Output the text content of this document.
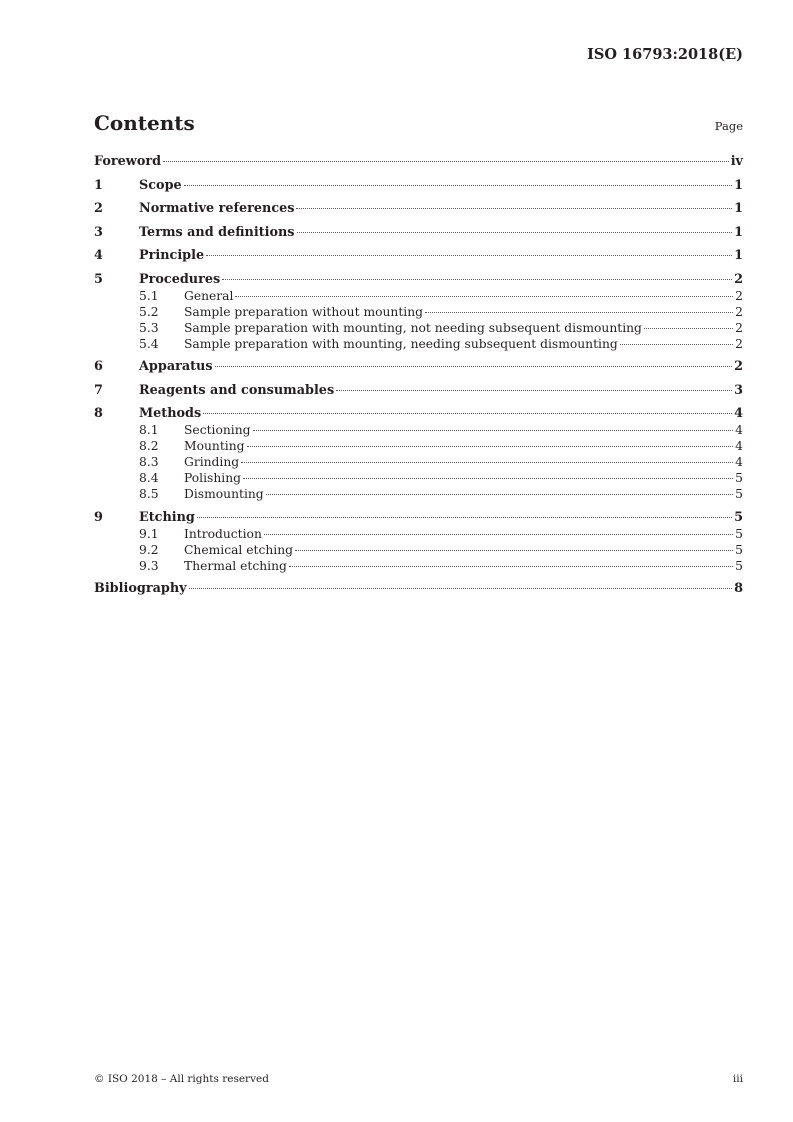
ISO 16793:2018(E)
Contents	Page
Foreword	iv
1	Scope	1
2	Normative references	1
3	Terms and definitions	1
4	Principle	1
5	Procedures	2
5.1	General	2
5.2	Sample preparation without mounting	2
5.3	Sample preparation with mounting, not needing subsequent dismounting	2
5.4	Sample preparation with mounting, needing subsequent dismounting	2
6	Apparatus	2
7	Reagents and consumables	3
8	Methods	4
8.1	Sectioning	4
8.2	Mounting	4
8.3	Grinding	4
8.4	Polishing	5
8.5	Dismounting	5
9	Etching	5
9.1	Introduction	5
9.2	Chemical etching	5
9.3	Thermal etching	5
Bibliography	8
© ISO 2018 – All rights reserved	iii
